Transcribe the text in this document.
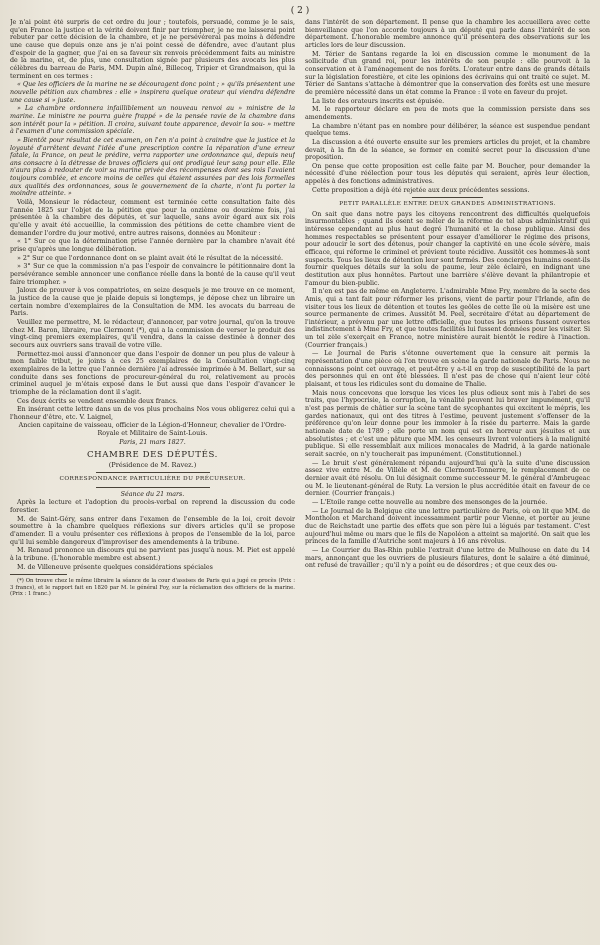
( 2 )

Je n'ai point été surpris de cet ordre du jour ; toutefois, persuadé, comme je le sais, qu'en France la justice et la vérité doivent finir par triompher, je ne me laisserai point rebuter par cette décision de la chambre, et je ne persévérerai pas moins à défendre une cause que depuis onze ans je n'ai point cessé de défendre, avec d'autant plus d'espoir de la gagner, que j'ai en sa faveur six renvois précédemment faits au ministre de la marine, et, de plus, une consultation signée par plusieurs des avocats les plus célèbres du barreau de Paris, MM. Dupin aîné, Billecoq, Tripier et Grandmaison, qui la terminent en ces termes :

« Que les officiers de la marine ne se découragent donc point ; » qu'ils présentent une nouvelle pétition aux chambres : elle » inspirera quelque orateur qui viendra défendre une cause si » juste.

» La chambre ordonnera infailliblement un nouveau renvoi au » ministre de la marine. Le ministre ne pourra guère frappé » de la pensée ravie de la chambre dans son intérêt pour la » pétition. Il croira, suivant toute apparence, devoir la sou- » mettre à l'examen d'une commission spéciale.

» Bientôt pour résultat de cet examen, on l'en n'a point à craindre que la justice et la loyauté d'arrêtent devant l'idée d'une prescription contre la réparation d'une erreur fatale, la France, on peut le prédire, verra rapporter une ordonnance qui, depuis neuf ans consacre à la détresse de braves officiers qui ont prodigué leur sang pour elle. Elle n'aura plus à redouter de voir sa marine privée des récompenses dont ses rois l'avaient toujours comblée, et encore moins de celles qui étaient assurées par des lois formelles aux qualités des ordonnances, sous le gouvernement de la charte, n'ont fu porter la moindre atteinte. »

Voilà, Monsieur le rédacteur, comment est terminée cette consultation faite dès l'année 1825 sur l'objet de la pétition que pour la onzième ou douzième fois, j'ai présentée à la chambre des députés, et sur laquelle, sans avoir égard aux six rois qu'elle y avait été accueillie, la commission des pétitions de cette chambre vient de demander l'ordre du jour motivé, entre autres raisons, données au Moniteur :

« 1° Sur ce que la détermination prise l'année dernière par la chambre n'avait été prise qu'après une longue délibération.

» 2° Sur ce que l'ordonnance dont on se plaint avait été le résultat de la nécessité.

» 3° Sur ce que la commission n'a pas l'espoir de convaincre le pétitionnaire dont la persévérance semble annoncer une confiance réelle dans la bonté de la cause qu'il veut faire triompher. »

Jaloux de prouver à vos compatriotes, en seize desquels je me trouve en ce moment, la justice de la cause que je plaide depuis si longtemps, je dépose chez un libraire un certain nombre d'exemplaires de la Consultation de MM. les avocats du barreau de Paris.

Veuillez me permettre, M. le rédacteur, d'annoncer, par votre journal, qu'on la trouve chez M. Baron, libraire, rue Clermont (*), qui a la commission de verser le produit des vingt-cinq premiers exemplaires, qu'il vendra, dans la caisse destinée à donner des secours aux ouvriers sans travail de votre ville.

Permettez-moi aussi d'annoncer que dans l'espoir de donner un peu plus de valeur à mon faible tribut, je joints à ces 25 exemplaires de la Consultation vingt-cinq exemplaires de la lettre que l'année dernière j'ai adressée imprimée à M. Bellart, sur sa conduite dans ses fonctions de procureur-général du roi, relativement au procès criminel auquel je m'étais exposé dans le but aussi que dans l'espoir d'avancer le triomphe de la réclamation dont il s'agit.

Ces deux écrits se vendent ensemble deux francs.

En insérant cette lettre dans un de vos plus prochains Nos vous obligerez celui qui a l'honneur d'être, etc. V. Laignel,

Ancien capitaine de vaisseau, officier de la Légion-d'Honneur, chevalier de l'Ordre-Royale et Militaire de Saint-Louis.

Paris, 21 mars 1827.

CHAMBRE DES DÉPUTÉS.
(Présidence de M. Ravez.)
CORRESPONDANCE PARTICULIÈRE DU PRÉCURSEUR.

Séance du 21 mars.

Après la lecture et l'adoption du procès-verbal on reprend la discussion du code forestier.

M. de Saint-Géry, sans entrer dans l'examen de l'ensemble de la loi, croit devoir soumettre à la chambre quelques réflexions sur divers articles qu'il se propose d'amender. Il a voulu présenter ces réflexions à propos de l'ensemble de la loi, parce qu'il lui semble dangereux d'improviser des amendements à la tribune.

M. Renaud prononce un discours qui ne parvient pas jusqu'à nous. M. Piet est appelé à la tribune. (L'honorable membre est absent.)

M. de Villeneuve présente quelques considérations spéciales

(*) On trouve chez le même libraire la séance de la cour d'assises de Paris qui a jugé ce procès (Prix : 3 francs), et le rapport fait en 1820 par M. le général Foy, sur la réclamation des officiers de la marine. (Prix : 1 franc.)

dans l'intérêt de son département. Il pense que la chambre les accueillera avec cette bienveillance que l'on accorde toujours à un député qui parle dans l'intérêt de son département. L'honorable membre annonce qu'il présentera des observations sur les articles lors de leur discussion.

M. Térier de Santans regarde la loi en discussion comme le monument de la sollicitude d'un grand roi, pour les intérêts de son peuple : elle pourvoit à la conservation et à l'aménagement de nos forêts. L'orateur entre dans de grands détails sur la législation forestière, et cite les opinions des écrivains qui ont traité ce sujet. M. Térier de Santans s'attache à démontrer que la conservation des forêts est une mesure de première nécessité dans un état comme la France : il vote en faveur du projet.

La liste des orateurs inscrits est épuisée.

M. le rapporteur déclare en peu de mots que la commission persiste dans ses amendements.

La chambre n'étant pas en nombre pour délibérer, la séance est suspendue pendant quelque tems.

La discussion a été ouverte ensuite sur les premiers articles du projet, et la chambre devait, à la fin de la séance, se former en comité secret pour la discussion d'une proposition.

On pense que cette proposition est celle faite par M. Boucher, pour demander la nécessité d'une réélection pour tous les députés qui seraient, après leur élection, appelés à des fonctions administratives.

Cette proposition a déjà été rejetée aux deux précédentes sessions.

PETIT PARALLÈLE ENTRE DEUX GRANDES ADMINISTRATIONS.

On sait que dans notre pays les citoyens rencontrent des difficultés quelquefois insurmontables ; quand ils osent se mêler de la réforme de tel abus administratif qui intéresse cependant au plus haut degré l'humanité et la chose publique. Ainsi des hommes respectables se présentent pour essayer d'améliorer le régime des prisons, pour adoucir le sort des détenus, pour changer la captivité en une école sévère, mais efficace, qui réforme le criminel et prévient toute récidive. Aussitôt ces hommes-là sont suspects. Tous les lieux de détention leur sont fermés. Des concierges humains osent-ils fournir quelques détails sur la solu de paume, leur zèle éclairé, en indignant une destitution aux plus honnêtes. Partout une barrière s'élève devant la philantropie et l'amour du bien-public.

Il n'en est pas de même en Angleterre. L'admirable Mme Fry, membre de la secte des Amis, qui a tant fait pour réformer les prisons, vient de partir pour l'Irlande, afin de visiter tous les lieux de détention et toutes les geôles de cette île où la misère est une source permanente de crimes. Aussitôt M. Peel, secrétaire d'état au département de l'intérieur, a prévenu par une lettre officielle, que toutes les prisons fussent ouvertes indistinctement à Mme Fry, et que toutes facilités lui fussent données pour les visiter. Si un tel zèle s'exerçait en France, notre ministère aurait bientôt le redire à l'inaction. (Courrier français.)

— Le Journal de Paris s'étonne ouvertement que la censure ait permis la représentation d'une pièce où l'on trouve en scène la garde nationale de Paris. Nous ne connaissons point cet ouvrage, et peut-être y a-t-il en trop de susceptibilité de la part des personnes qui en ont été blessées. Il n'est pas de chose qui n'aient leur côté plaisant, et tous les ridicules sont du domaine de Thalie.

Mais nous concevons que lorsque les vices les plus odieux sont mis à l'abri de ses traits, que l'hypocrisie, la corruption, la vénalité peuvent lui braver impunément, qu'il n'est pas permis de châtier sur la scène tant de sycophantes qui excitent le mépris, les gardes nationaux, qui ont des titres à l'estime, peuvent justement s'offenser de la préférence qu'on leur donne pour les immoler à la risée du parterre. Mais la garde nationale date de 1789 ; elle porte un nom qui est en horreur aux jésuites et aux absolutistes ; et c'est une pâture que MM. les censeurs livrent volontiers à la malignité publique. Si elle ressemblait aux milices monacales de Madrid, à la garde nationale serait sacrée, on n'y toucherait pas impunément. (Constitutionnel.)

— Le bruit s'est généralement répandu aujourd'hui qu'à la suite d'une discussion assez vive entre M. de Villèle et M. de Clermont-Tonnerre, le remplacement de ce dernier avait été résolu. On lui désignait comme successeur M. le général d'Ambrugeac ou M. le lieutenant-général de Ruty. La version le plus accréditée était en faveur de ce dernier. (Courrier français.)

— L'Etoile range cette nouvelle au nombre des mensonges de la journée.

— Le Journal de la Belgique cite une lettre particulière de Paris, où on lit que MM. de Montholon et Marchand doivent incessamment partir pour Vienne, et porter au jeune duc de Reichstadt une partie des effets que son père lui a légués par testament. C'est aujourd'hui même ou mars que le fils de Napoléon a atteint sa majorité. On sait que les princes de la famille d'Autriche sont majeurs à 16 ans révolus.

— Le Courrier du Bas-Rhin publie l'extrait d'une lettre de Mulhouse en date du 14 mars, annonçant que les ouvriers de plusieurs filatures, dont le salaire a été diminué, ont refusé de travailler ; qu'il n'y a point eu de désordres ; et que ceux des ou-
